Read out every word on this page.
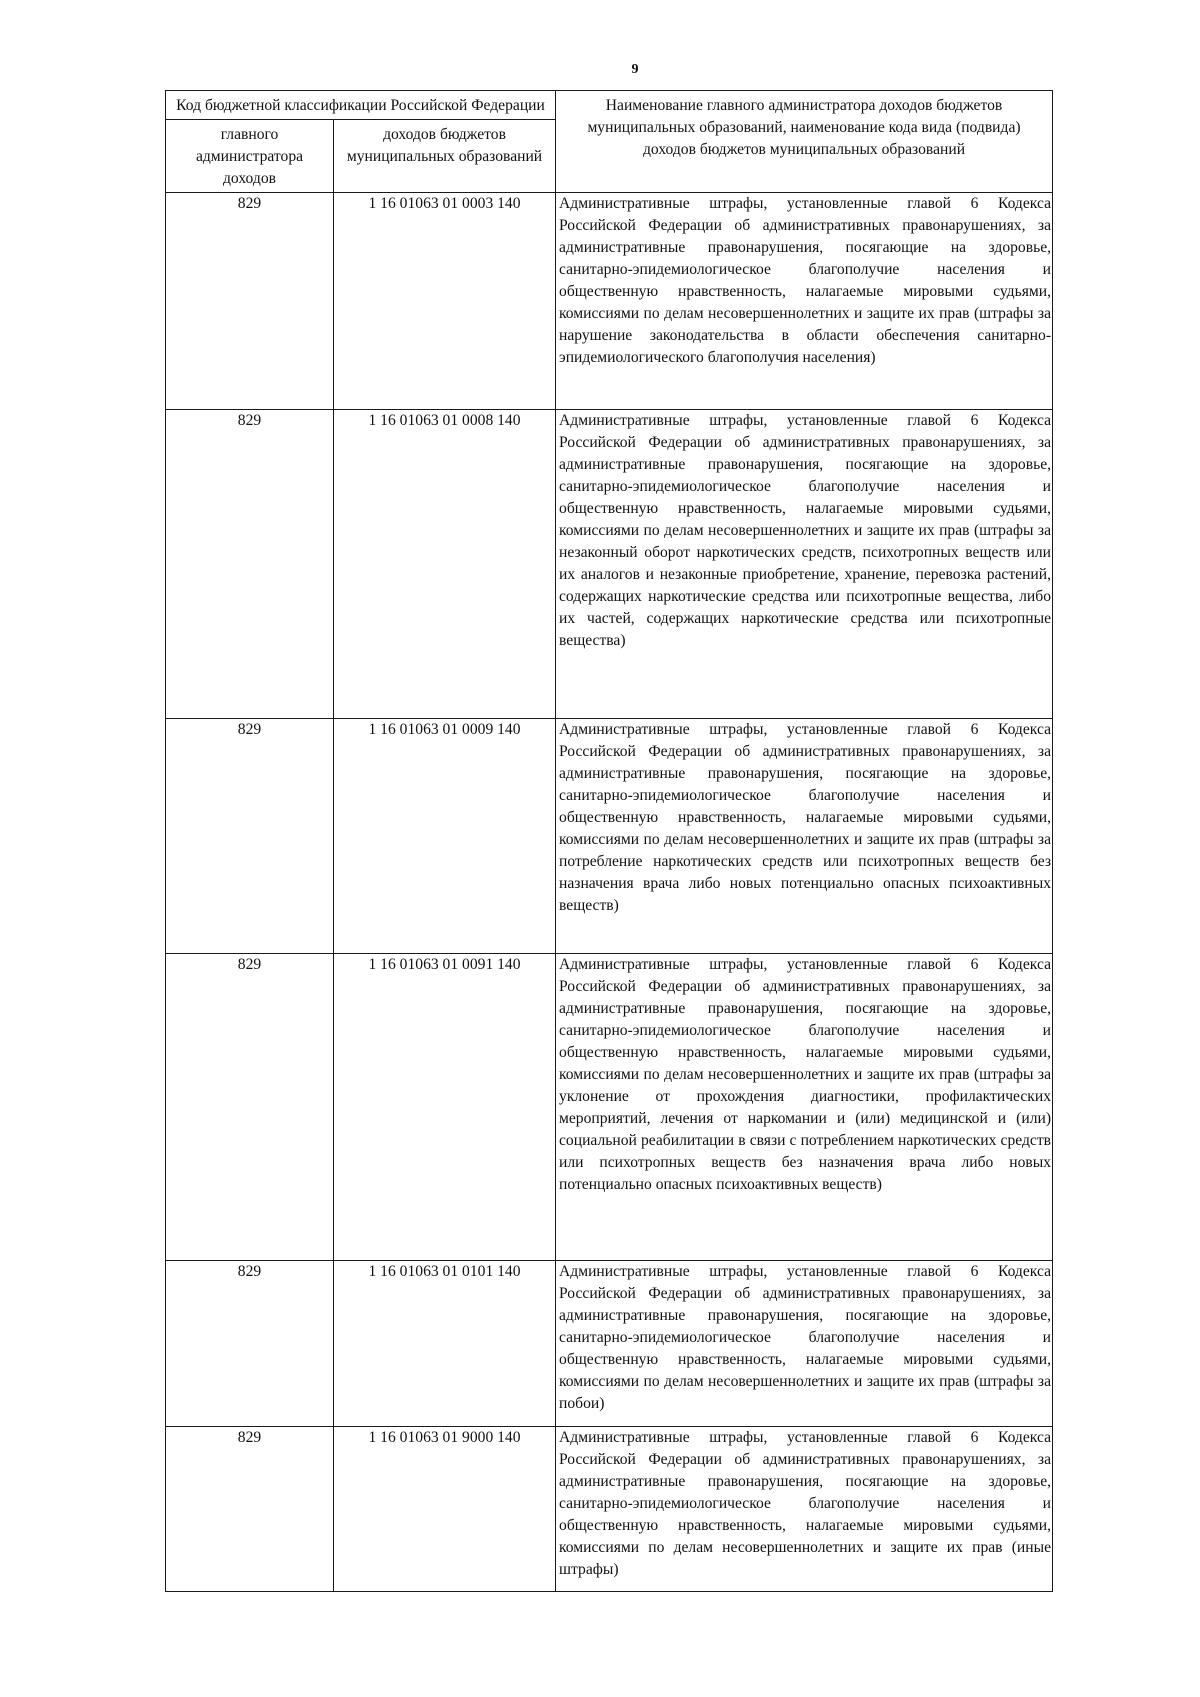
9
Код бюджетной классификации Российской Федерации		Наименование главного администратора доходов бюджетов муниципальных образований, наименование кода вида (подвида) доходов бюджетов муниципальных образований
главного администратора доходов	доходов бюджетов муниципальных образований	
829	1 16 01063 01 0003 140	Административные штрафы, установленные главой 6 Кодекса Российской Федерации об административных правонарушениях, за административные правонарушения, посягающие на здоровье, санитарно-эпидемиологическое благополучие населения и общественную нравственность, налагаемые мировыми судьями, комиссиями по делам несовершеннолетних и защите их прав (штрафы за нарушение законодательства в области обеспечения санитарно-эпидемиологического благополучия населения)
829	1 16 01063 01 0008 140	Административные штрафы, установленные главой 6 Кодекса Российской Федерации об административных правонарушениях, за административные правонарушения, посягающие на здоровье, санитарно-эпидемиологическое благополучие населения и общественную нравственность, налагаемые мировыми судьями, комиссиями по делам несовершеннолетних и защите их прав (штрафы за незаконный оборот наркотических средств, психотропных веществ или их аналогов и незаконные приобретение, хранение, перевозка растений, содержащих наркотические средства или психотропные вещества, либо их частей, содержащих наркотические средства или психотропные вещества)
829	1 16 01063 01 0009 140	Административные штрафы, установленные главой 6 Кодекса Российской Федерации об административных правонарушениях, за административные правонарушения, посягающие на здоровье, санитарно-эпидемиологическое благополучие населения и общественную нравственность, налагаемые мировыми судьями, комиссиями по делам несовершеннолетних и защите их прав (штрафы за потребление наркотических средств или психотропных веществ без назначения врача либо новых потенциально опасных психоактивных веществ)
829	1 16 01063 01 0091 140	Административные штрафы, установленные главой 6 Кодекса Российской Федерации об административных правонарушениях, за административные правонарушения, посягающие на здоровье, санитарно-эпидемиологическое благополучие населения и общественную нравственность, налагаемые мировыми судьями, комиссиями по делам несовершеннолетних и защите их прав (штрафы за уклонение от прохождения диагностики, профилактических мероприятий, лечения от наркомании и (или) медицинской и (или) социальной реабилитации в связи с потреблением наркотических средств или психотропных веществ без назначения врача либо новых потенциально опасных психоактивных веществ)
829	1 16 01063 01 0101 140	Административные штрафы, установленные главой 6 Кодекса Российской Федерации об административных правонарушениях, за административные правонарушения, посягающие на здоровье, санитарно-эпидемиологическое благополучие населения и общественную нравственность, налагаемые мировыми судьями, комиссиями по делам несовершеннолетних и защите их прав (штрафы за побои)
829	1 16 01063 01 9000 140	Административные штрафы, установленные главой 6 Кодекса Российской Федерации об административных правонарушениях, за административные правонарушения, посягающие на здоровье, санитарно-эпидемиологическое благополучие населения и общественную нравственность, налагаемые мировыми судьями, комиссиями по делам несовершеннолетних и защите их прав (иные штрафы)
